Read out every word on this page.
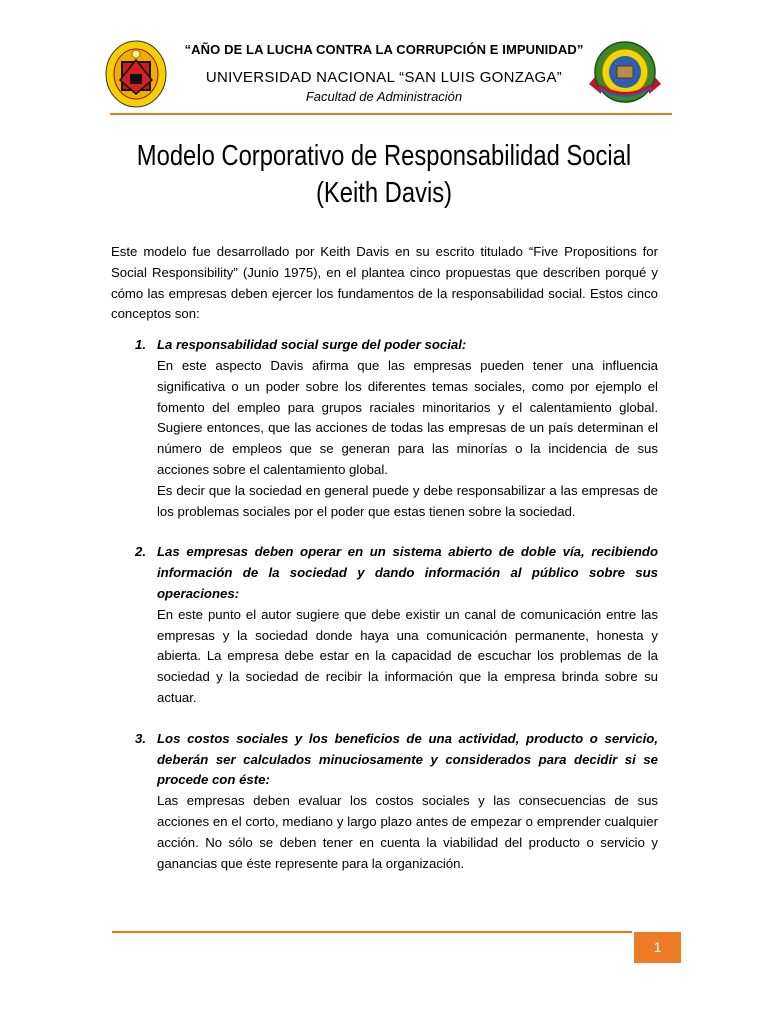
“AÑO DE LA LUCHA CONTRA LA CORRUPCIÓN E IMPUNIDAD”
UNIVERSIDAD NACIONAL “SAN LUIS GONZAGA”
Facultad de Administración
Modelo Corporativo de Responsabilidad Social
(Keith Davis)

Este modelo fue desarrollado por Keith Davis en su escrito titulado “Five Propositions for Social Responsibility” (Junio 1975), en el plantea cinco propuestas que describen porqué y cómo las empresas deben ejercer los fundamentos de la responsabilidad social. Estos cinco conceptos son:

1. La responsabilidad social surge del poder social:

En este aspecto Davis afirma que las empresas pueden tener una influencia significativa o un poder sobre los diferentes temas sociales, como por ejemplo el fomento del empleo para grupos raciales minoritarios y el calentamiento global. Sugiere entonces, que las acciones de todas las empresas de un país determinan el número de empleos que se generan para las minorías o la incidencia de sus acciones sobre el calentamiento global.

Es decir que la sociedad en general puede y debe responsabilizar a las empresas de los problemas sociales por el poder que estas tienen sobre la sociedad.

2. Las empresas deben operar en un sistema abierto de doble vía, recibiendo información de la sociedad y dando información al público sobre sus operaciones:

En este punto el autor sugiere que debe existir un canal de comunicación entre las empresas y la sociedad donde haya una comunicación permanente, honesta y abierta. La empresa debe estar en la capacidad de escuchar los problemas de la sociedad y la sociedad de recibir la información que la empresa brinda sobre su actuar.

3. Los costos sociales y los beneficios de una actividad, producto o servicio, deberán ser calculados minuciosamente y considerados para decidir si se procede con éste:

Las empresas deben evaluar los costos sociales y las consecuencias de sus acciones en el corto, mediano y largo plazo antes de empezar o emprender cualquier acción. No sólo se deben tener en cuenta la viabilidad del producto o servicio y ganancias que éste represente para la organización.

1
